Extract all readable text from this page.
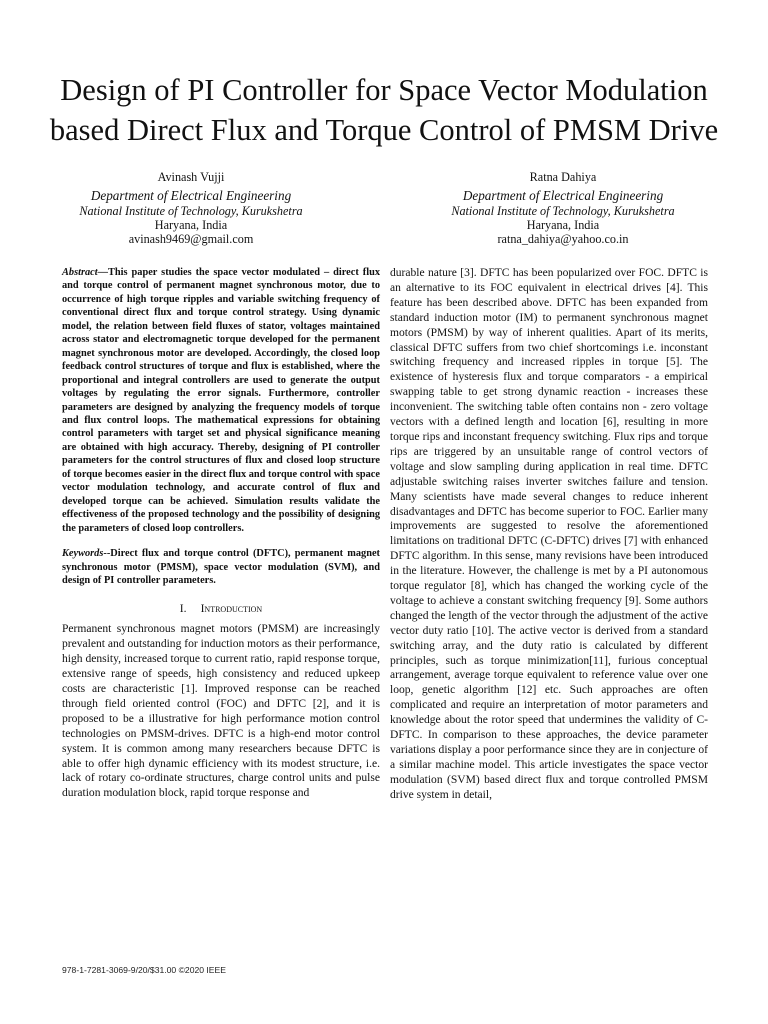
Design of PI Controller for Space Vector Modulation
based Direct Flux and Torque Control of PMSM Drive
Avinash Vujji
Department of Electrical Engineering
National Institute of Technology, Kurukshetra
Haryana, India
avinash9469@gmail.com
Ratna Dahiya
Department of Electrical Engineering
National Institute of Technology, Kurukshetra
Haryana, India
ratna_dahiya@yahoo.co.in

Abstract—This paper studies the space vector modulated – direct flux and torque control of permanent magnet synchronous motor, due to occurrence of high torque ripples and variable switching frequency of conventional direct flux and torque control strategy. Using dynamic model, the relation between field fluxes of stator, voltages maintained across stator and electromagnetic torque developed for the permanent magnet synchronous motor are developed. Accordingly, the closed loop feedback control structures of torque and flux is established, where the proportional and integral controllers are used to generate the output voltages by regulating the error signals. Furthermore, controller parameters are designed by analyzing the frequency models of torque and flux control loops. The mathematical expressions for obtaining control parameters with target set and physical significance meaning are obtained with high accuracy. Thereby, designing of PI controller parameters for the control structures of flux and closed loop structure of torque becomes easier in the direct flux and torque control with space vector modulation technology, and accurate control of flux and developed torque can be achieved. Simulation results validate the effectiveness of the proposed technology and the possibility of designing the parameters of closed loop controllers.

Keywords--Direct flux and torque control (DFTC), permanent magnet synchronous motor (PMSM), space vector modulation (SVM), and design of PI controller parameters.

I. Introduction

Permanent synchronous magnet motors (PMSM) are increasingly prevalent and outstanding for induction motors as their performance, high density, increased torque to current ratio, rapid response torque, extensive range of speeds, high consistency and reduced upkeep costs are characteristic [1]. Improved response can be reached through field oriented control (FOC) and DFTC [2], and it is proposed to be a illustrative for high performance motion control technologies on PMSM-drives. DFTC is a high-end motor control system. It is common among many researchers because DFTC is able to offer high dynamic efficiency with its modest structure, i.e. lack of rotary co-ordinate structures, charge control units and pulse duration modulation block, rapid torque response and

durable nature [3]. DFTC has been popularized over FOC. DFTC is an alternative to its FOC equivalent in electrical drives [4]. This feature has been described above. DFTC has been expanded from standard induction motor (IM) to permanent synchronous magnet motors (PMSM) by way of inherent qualities. Apart of its merits, classical DFTC suffers from two chief shortcomings i.e. inconstant switching frequency and increased ripples in torque [5]. The existence of hysteresis flux and torque comparators - a empirical swapping table to get strong dynamic reaction - increases these inconvenient. The switching table often contains non - zero voltage vectors with a defined length and location [6], resulting in more torque rips and inconstant frequency switching. Flux rips and torque rips are triggered by an unsuitable range of control vectors of voltage and slow sampling during application in real time. DFTC adjustable switching raises inverter switches failure and tension. Many scientists have made several changes to reduce inherent disadvantages and DFTC has become superior to FOC. Earlier many improvements are suggested to resolve the aforementioned limitations on traditional DFTC (C-DFTC) drives [7] with enhanced DFTC algorithm. In this sense, many revisions have been introduced in the literature. However, the challenge is met by a PI autonomous torque regulator [8], which has changed the working cycle of the voltage to achieve a constant switching frequency [9]. Some authors changed the length of the vector through the adjustment of the active vector duty ratio [10]. The active vector is derived from a standard switching array, and the duty ratio is calculated by different principles, such as torque minimization[11], furious conceptual arrangement, average torque equivalent to reference value over one loop, genetic algorithm [12] etc. Such approaches are often complicated and require an interpretation of motor parameters and knowledge about the rotor speed that undermines the validity of C-DFTC. In comparison to these approaches, the device parameter variations display a poor performance since they are in conjecture of a similar machine model. This article investigates the space vector modulation (SVM) based direct flux and torque controlled PMSM drive system in detail,

978-1-7281-3069-9/20/$31.00 ©2020 IEEE
